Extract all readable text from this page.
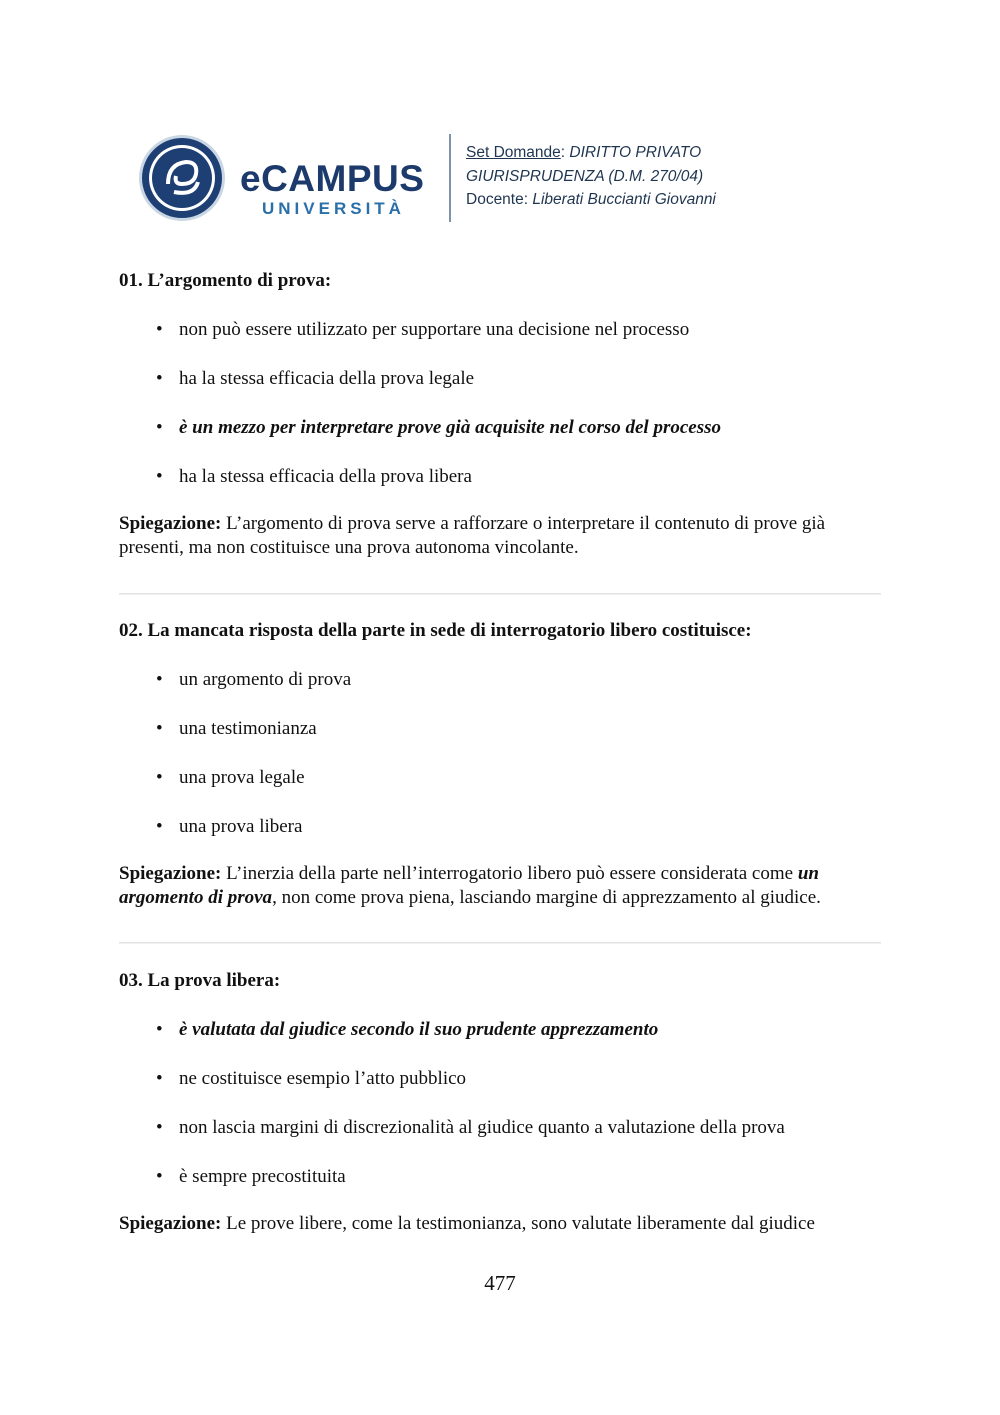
eCAMPUS
UNIVERSITÀ
Set Domande: DIRITTO PRIVATO
GIURISPRUDENZA (D.M. 270/04)
Docente: Liberati Buccianti Giovanni
01. L’argomento di prova:
• non può essere utilizzato per supportare una decisione nel processo
• ha la stessa efficacia della prova legale
• è un mezzo per interpretare prove già acquisite nel corso del processo
• ha la stessa efficacia della prova libera

Spiegazione: L’argomento di prova serve a rafforzare o interpretare il contenuto di prove già
presenti, ma non costituisce una prova autonoma vincolante.

02. La mancata risposta della parte in sede di interrogatorio libero costituisce:
• un argomento di prova
• una testimonianza
• una prova legale
• una prova libera

Spiegazione: L’inerzia della parte nell’interrogatorio libero può essere considerata come un
argomento di prova, non come prova piena, lasciando margine di apprezzamento al giudice.

03. La prova libera:
• è valutata dal giudice secondo il suo prudente apprezzamento
• ne costituisce esempio l’atto pubblico
• non lascia margini di discrezionalità al giudice quanto a valutazione della prova
• è sempre precostituita

Spiegazione: Le prove libere, come la testimonianza, sono valutate liberamente dal giudice

477
